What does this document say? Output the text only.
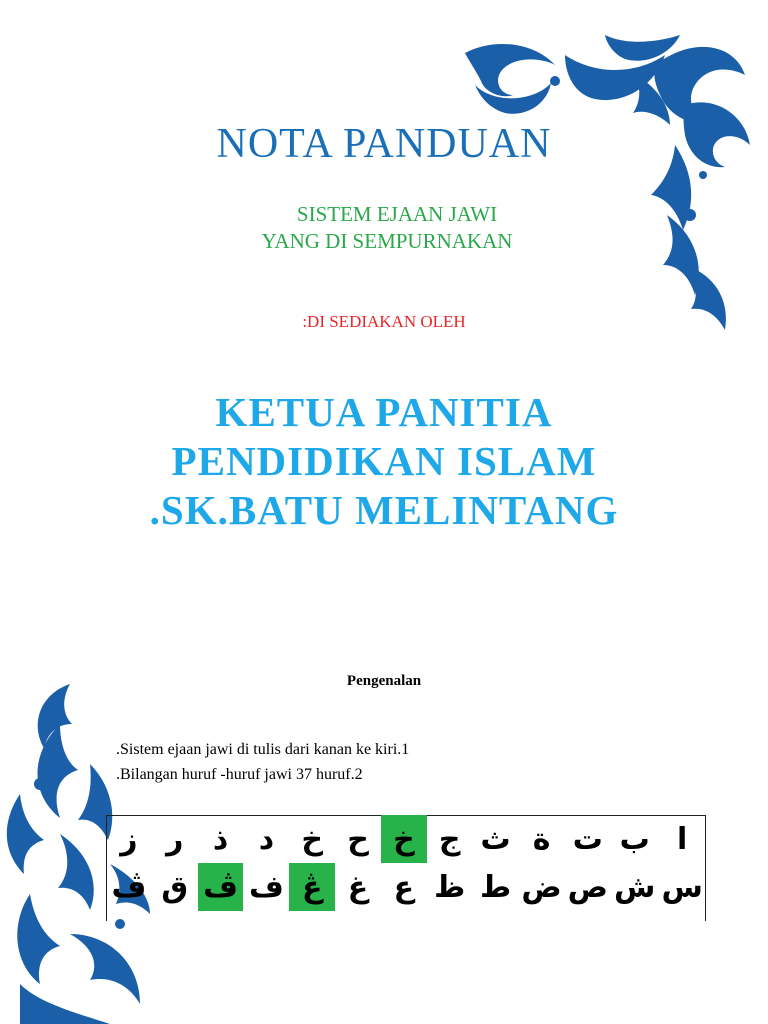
NOTA PANDUAN
SISTEM EJAAN JAWI
YANG DI SEMPURNAKAN
:DI SEDIAKAN OLEH
KETUA PANITIA
PENDIDIKAN ISLAM
.SK.BATU MELINTANG
Pengenalan
.Sistem ejaan jawi di tulis dari kanan ke kiri.1
.Bilangan huruf -huruf jawi 37 huruf.2
ز	ر	ذ	د	خ	ح	خ	ج	ث	ة	ت	ب	ا
ڤ	ق	ڤ	ف	ڠ	غ	ع	ظ	ط	ض	ص	ش	س
